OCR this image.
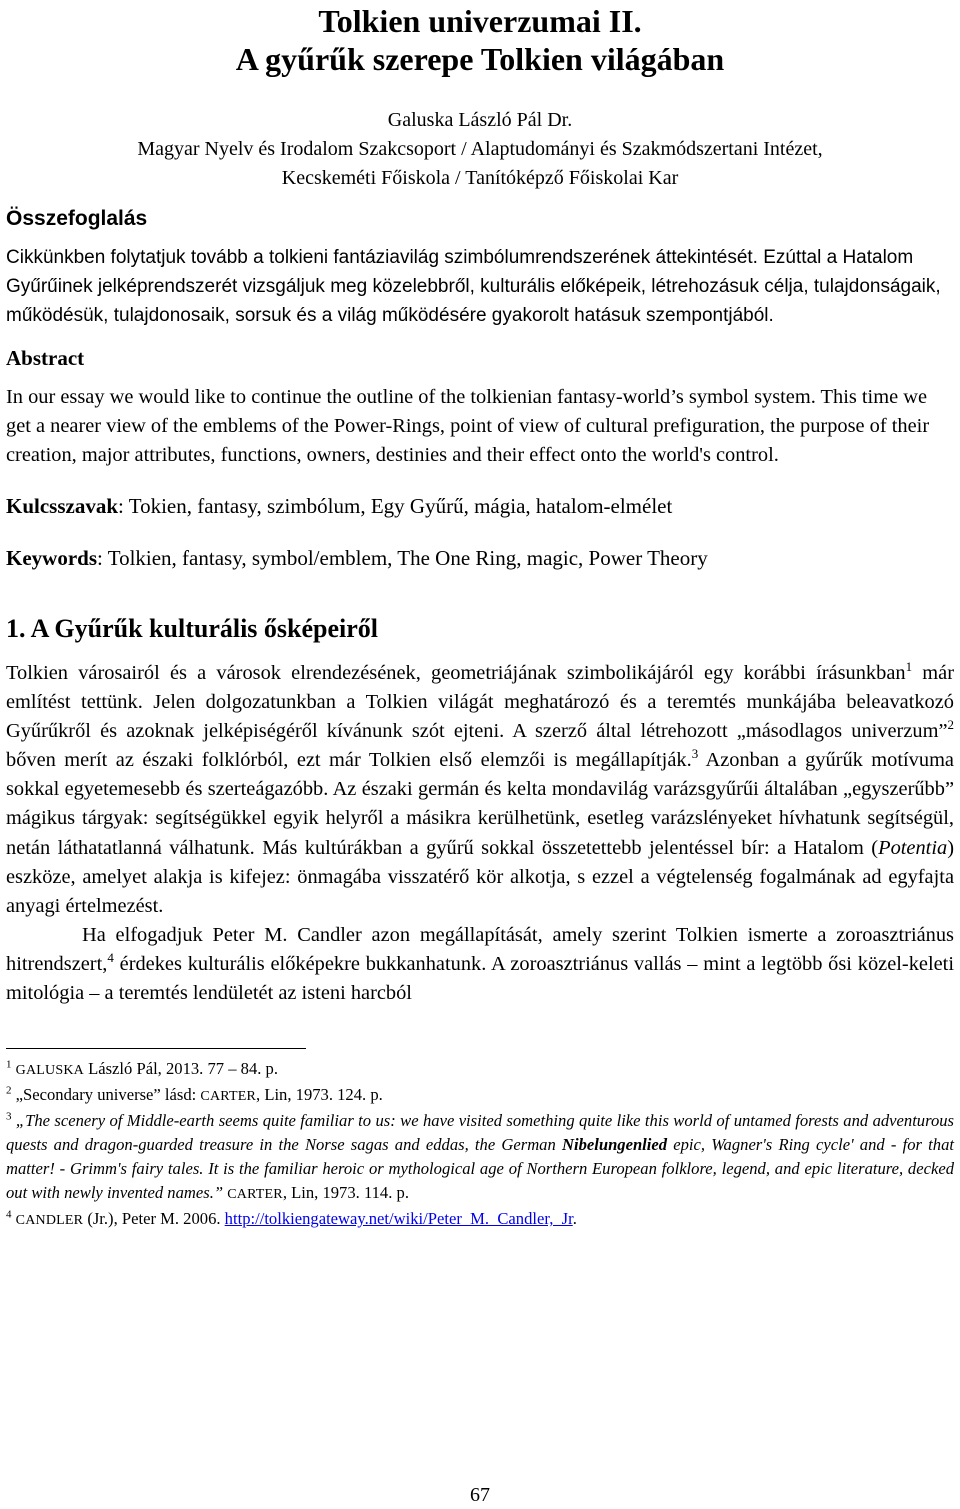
Tolkien univerzumai II.
A gyűrűk szerepe Tolkien világában
Galuska László Pál Dr.
Magyar Nyelv és Irodalom Szakcsoport / Alaptudományi és Szakmódszertani Intézet,
Kecskeméti Főiskola / Tanítóképző Főiskolai Kar
Összefoglalás
Cikkünkben folytatjuk tovább a tolkieni fantáziavilág szimbólumrendszerének áttekintését. Ezúttal a Hatalom Gyűrűinek jelképrendszerét vizsgáljuk meg közelebbről, kulturális előképeik, létrehozásuk célja, tulajdonságaik, működésük, tulajdonosaik, sorsuk és a világ működésére gyakorolt hatásuk szempontjából.
Abstract
In our essay we would like to continue the outline of the tolkienian fantasy-world’s symbol system. This time we get a nearer view of the emblems of the Power-Rings, point of view of cultural prefiguration, the purpose of their creation, major attributes, functions, owners, destinies and their effect onto the world's control.
Kulcsszavak: Tokien, fantasy, szimbólum, Egy Gyűrű, mágia, hatalom-elmélet
Keywords: Tolkien, fantasy, symbol/emblem, The One Ring, magic, Power Theory
1. A Gyűrűk kulturális ősképeiről

Tolkien városairól és a városok elrendezésének, geometriájának szimbolikájáról egy korábbi írásunkban$^1$ már említést tettünk. Jelen dolgozatunkban a Tolkien világát meghatározó és a teremtés munkájába beleavatkozó Gyűrűkről és azoknak jelképiségéről kívánunk szót ejteni. A szerző által létrehozott „másodlagos univerzum”$^2$ bőven merít az északi folklórból, ezt már Tolkien első elemzői is megállapítják.$^3$ Azonban a gyűrűk motívuma sokkal egyetemesebb és szerteágazóbb. Az északi germán és kelta mondavilág varázsgyűrűi általában „egyszerűbb” mágikus tárgyak: segítségükkel egyik helyről a másikra kerülhetünk, esetleg varázslényeket hívhatunk segítségül, netán láthatatlanná válhatunk. Más kultúrákban a gyűrű sokkal összetettebb jelentéssel bír: a Hatalom (Potentia) eszköze, amelyet alakja is kifejez: önmagába visszatérő kör alkotja, s ezzel a végtelenség fogalmának ad egyfajta anyagi értelmezést.

Ha elfogadjuk Peter M. Candler azon megállapítását, amely szerint Tolkien ismerte a zoroasztriánus hitrendszert,$^4$ érdekes kulturális előképekre bukkanhatunk. A zoroasztriánus vallás – mint a legtöbb ősi közel-keleti mitológia – a teremtés lendületét az isteni harcból

$^1$ GALUSKA László Pál, 2013. 77 – 84. p.

$^2$ „Secondary universe” lásd: CARTER, Lin, 1973. 124. p.

$^3$ „The scenery of Middle-earth seems quite familiar to us: we have visited something quite like this world of untamed forests and adventurous quests and dragon-guarded treasure in the Norse sagas and eddas, the German Nibelungenlied epic, Wagner's Ring cycle' and - for that matter! - Grimm's fairy tales. It is the familiar heroic or mythological age of Northern European folklore, legend, and epic literature, decked out with newly invented names.” CARTER, Lin, 1973. 114. p.

$^4$ CANDLER (Jr.), Peter M. 2006. http://tolkiengateway.net/wiki/Peter_M._Candler,_Jr.

67
